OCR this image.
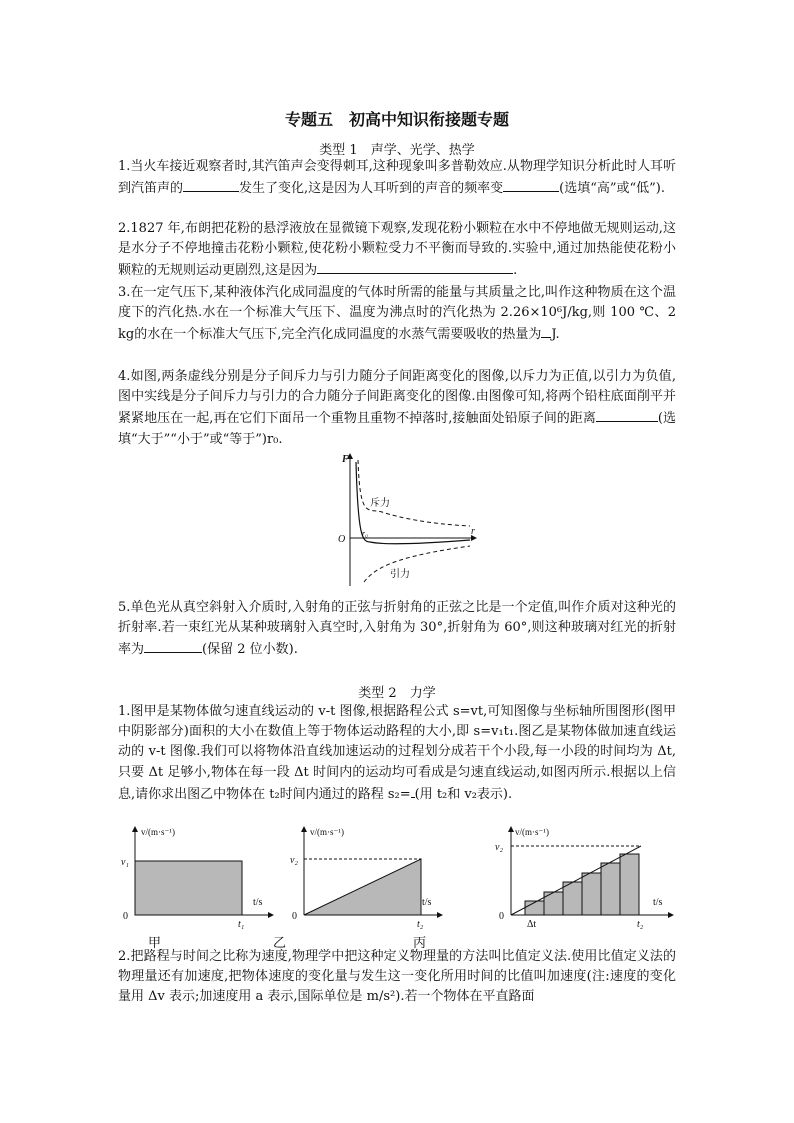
专题五　初高中知识衔接题专题
类型 1　声学、光学、热学
1.当火车接近观察者时,其汽笛声会变得刺耳,这种现象叫多普勒效应.从物理学知识分析此时人耳听到汽笛声的	发生了变化,这是因为人耳听到的声音的频率变	(选填“高”或“低”).
2.1827 年,布朗把花粉的悬浮液放在显微镜下观察,发现花粉小颗粒在水中不停地做无规则运动,这是水分子不停地撞击花粉小颗粒,使花粉小颗粒受力不平衡而导致的.实验中,通过加热能使花粉小颗粒的无规则运动更剧烈,这是因为	.
3.在一定气压下,某种液体汽化成同温度的气体时所需的能量与其质量之比,叫作这种物质在这个温度下的汽化热.水在一个标准大气压下、温度为沸点时的汽化热为 2.26×10⁶J/kg,则 100 ℃、2 kg的水在一个标准大气压下,完全汽化成同温度的水蒸气需要吸收的热量为 J.
4.如图,两条虚线分别是分子间斥力与引力随分子间距离变化的图像,以斥力为正值,以引力为负值,图中实线是分子间斥力与引力的合力随分子间距离变化的图像.由图像可知,将两个铅柱底面削平并紧紧地压在一起,再在它们下面吊一个重物且重物不掉落时,接触面处铅原子间的距离	(选填“大于”“小于”或“等于”)r₀.
F
r
O
r₀
斥力
引力
5.单色光从真空斜射入介质时,入射角的正弦与折射角的正弦之比是一个定值,叫作介质对这种光的折射率.若一束红光从某种玻璃射入真空时,入射角为 30°,折射角为 60°,则这种玻璃对红光的折射率为	(保留 2 位小数).
类型 2　力学
1.图甲是某物体做匀速直线运动的 v-t 图像,根据路程公式 s=vt,可知图像与坐标轴所围图形(图甲中阴影部分)面积的大小在数值上等于物体运动路程的大小,即 s=v₁t₁.图乙是某物体做加速直线运动的 v-t 图像.我们可以将物体沿直线加速运动的过程划分成若干个小段,每一小段的时间均为 Δt,只要 Δt 足够小,物体在每一段 Δt 时间内的运动均可看成是匀速直线运动,如图丙所示.根据以上信息,请你求出图乙中物体在 t₂时间内通过的路程 s₂= (用 t₂和 v₂表示).
v/(m·s⁻¹)
t/s
0
v₁
t₁
甲
v/(m·s⁻¹)
t/s
0
v₂
t₂
乙
v/(m·s⁻¹)
t/s
0
v₂
t₂
Δt
丙
2.把路程与时间之比称为速度,物理学中把这种定义物理量的方法叫比值定义法.使用比值定义法的物理量还有加速度,把物体速度的变化量与发生这一变化所用时间的比值叫加速度(注:速度的变化量用 Δv 表示;加速度用 a 表示,国际单位是 m/s²).若一个物体在平直路面
